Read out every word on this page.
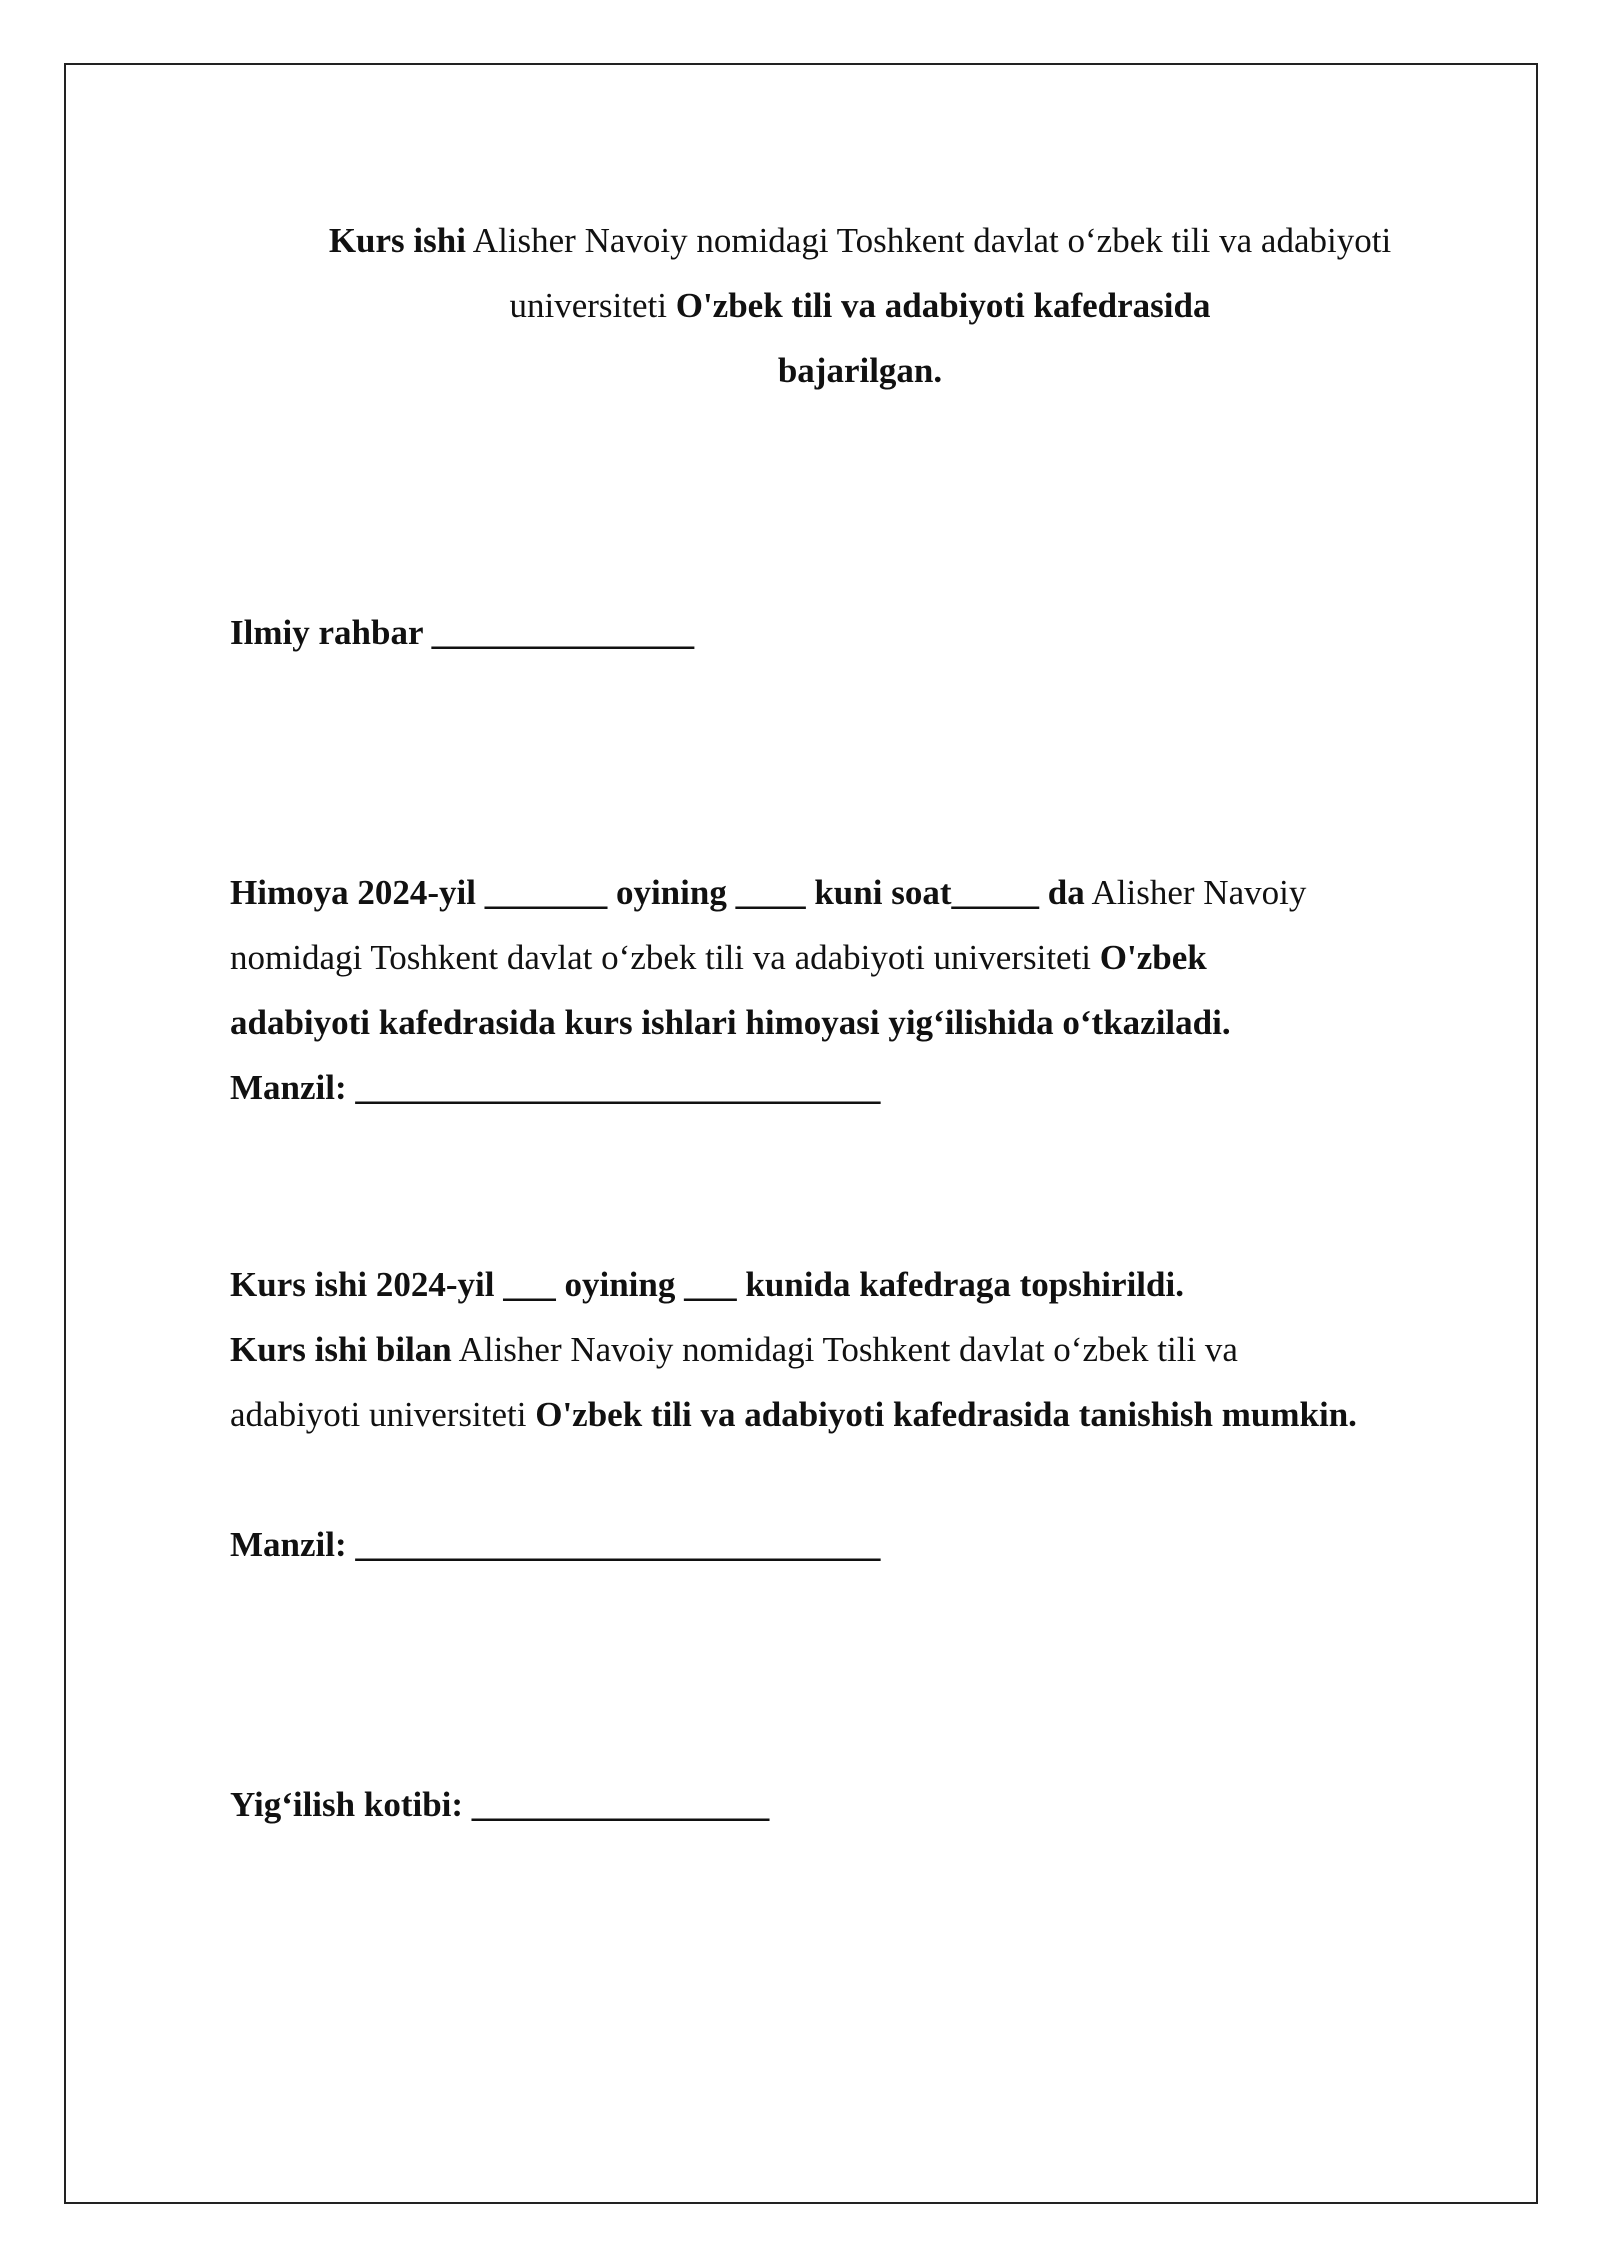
Kurs ishi Alisher Navoiy nomidagi Toshkent davlat o‘zbek tili va adabiyoti
universiteti O'zbek tili va adabiyoti kafedrasida
bajarilgan.
Ilmiy rahbar _______________
Himoya 2024-yil _______ oyining ____ kuni soat_____ da Alisher Navoiy
nomidagi Toshkent davlat o‘zbek tili va adabiyoti universiteti O'zbek
adabiyoti kafedrasida kurs ishlari himoyasi yig‘ilishida o‘tkaziladi.
Manzil: ______________________________
Kurs ishi 2024-yil ___ oyining ___ kunida kafedraga topshirildi.
Kurs ishi bilan Alisher Navoiy nomidagi Toshkent davlat o‘zbek tili va
adabiyoti universiteti O'zbek tili va adabiyoti kafedrasida tanishish mumkin.
Manzil: ______________________________
Yig‘ilish kotibi: _________________
